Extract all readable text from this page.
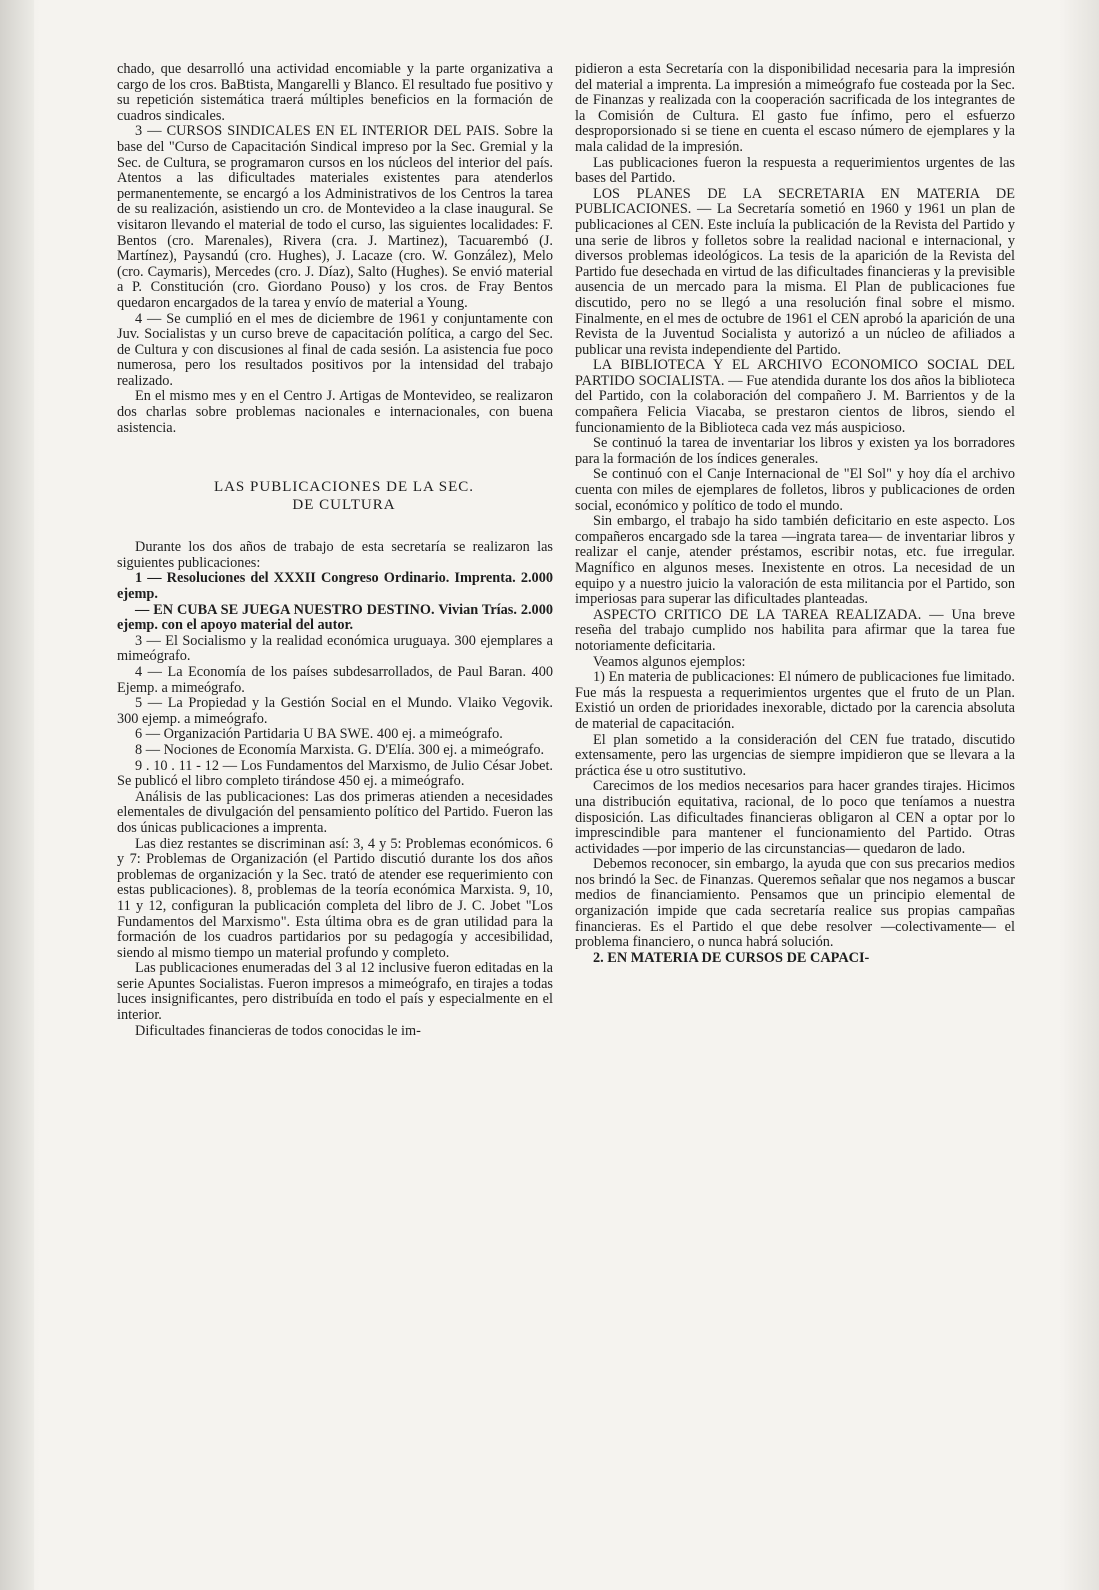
chado, que desarrolló una actividad encomiable y la parte organizativa a cargo de los cros. BaBtista, Mangarelli y Blanco. El resultado fue positivo y su repetición sistemática traerá múltiples beneficios en la formación de cuadros sindicales.

3 — CURSOS SINDICALES EN EL INTERIOR DEL PAIS. Sobre la base del "Curso de Capacitación Sindical impreso por la Sec. Gremial y la Sec. de Cultura, se programaron cursos en los núcleos del interior del país. Atentos a las dificultades materiales existentes para atenderlos permanentemente, se encargó a los Administrativos de los Centros la tarea de su realización, asistiendo un cro. de Montevideo a la clase inaugural. Se visitaron llevando el material de todo el curso, las siguientes localidades: F. Bentos (cro. Marenales), Rivera (cra. J. Martinez), Tacuarembó (J. Martínez), Paysandú (cro. Hughes), J. Lacaze (cro. W. González), Melo (cro. Caymaris), Mercedes (cro. J. Díaz), Salto (Hughes). Se envió material a P. Constitución (cro. Giordano Pouso) y los cros. de Fray Bentos quedaron encargados de la tarea y envío de material a Young.

4 — Se cumplió en el mes de diciembre de 1961 y conjuntamente con Juv. Socialistas y un curso breve de capacitación política, a cargo del Sec. de Cultura y con discusiones al final de cada sesión. La asistencia fue poco numerosa, pero los resultados positivos por la intensidad del trabajo realizado.

En el mismo mes y en el Centro J. Artigas de Montevideo, se realizaron dos charlas sobre problemas nacionales e internacionales, con buena asistencia.

LAS PUBLICACIONES DE LA SEC.
DE CULTURA

Durante los dos años de trabajo de esta secretaría se realizaron las siguientes publicaciones:

1 — Resoluciones del XXXII Congreso Ordinario. Imprenta. 2.000 ejemp.

— EN CUBA SE JUEGA NUESTRO DESTINO. Vivian Trías. 2.000 ejemp. con el apoyo material del autor.

3 — El Socialismo y la realidad económica uruguaya. 300 ejemplares a mimeógrafo.

4 — La Economía de los países subdesarrollados, de Paul Baran. 400 Ejemp. a mimeógrafo.

5 — La Propiedad y la Gestión Social en el Mundo. Vlaiko Vegovik. 300 ejemp. a mimeógrafo.

6 — Organización Partidaria U BA SWE. 400 ej. a mimeógrafo.

8 — Nociones de Economía Marxista. G. D'Elía. 300 ej. a mimeógrafo.

9 . 10 . 11 - 12 — Los Fundamentos del Marxismo, de Julio César Jobet. Se publicó el libro completo tirándose 450 ej. a mimeógrafo.

Análisis de las publicaciones: Las dos primeras atienden a necesidades elementales de divulgación del pensamiento político del Partido. Fueron las dos únicas publicaciones a imprenta.

Las diez restantes se discriminan así: 3, 4 y 5: Problemas económicos. 6 y 7: Problemas de Organización (el Partido discutió durante los dos años problemas de organización y la Sec. trató de atender ese requerimiento con estas publicaciones). 8, problemas de la teoría económica Marxista. 9, 10, 11 y 12, configuran la publicación completa del libro de J. C. Jobet "Los Fundamentos del Marxismo". Esta última obra es de gran utilidad para la formación de los cuadros partidarios por su pedagogía y accesibilidad, siendo al mismo tiempo un material profundo y completo.

Las publicaciones enumeradas del 3 al 12 inclusive fueron editadas en la serie Apuntes Socialistas. Fueron impresos a mimeógrafo, en tirajes a todas luces insignificantes, pero distribuída en todo el país y especialmente en el interior.

Dificultades financieras de todos conocidas le im-

pidieron a esta Secretaría con la disponibilidad necesaria para la impresión del material a imprenta. La impresión a mimeógrafo fue costeada por la Sec. de Finanzas y realizada con la cooperación sacrificada de los integrantes de la Comisión de Cultura. El gasto fue ínfimo, pero el esfuerzo desproporsionado si se tiene en cuenta el escaso número de ejemplares y la mala calidad de la impresión.

Las publicaciones fueron la respuesta a requerimientos urgentes de las bases del Partido.

LOS PLANES DE LA SECRETARIA EN MATERIA DE PUBLICACIONES. — La Secretaría sometió en 1960 y 1961 un plan de publicaciones al CEN. Este incluía la publicación de la Revista del Partido y una serie de libros y folletos sobre la realidad nacional e internacional, y diversos problemas ideológicos. La tesis de la aparición de la Revista del Partido fue desechada en virtud de las dificultades financieras y la previsible ausencia de un mercado para la misma. El Plan de publicaciones fue discutido, pero no se llegó a una resolución final sobre el mismo. Finalmente, en el mes de octubre de 1961 el CEN aprobó la aparición de una Revista de la Juventud Socialista y autorizó a un núcleo de afiliados a publicar una revista independiente del Partido.

LA BIBLIOTECA Y EL ARCHIVO ECONOMICO SOCIAL DEL PARTIDO SOCIALISTA. — Fue atendida durante los dos años la biblioteca del Partido, con la colaboración del compañero J. M. Barrientos y de la compañera Felicia Viacaba, se prestaron cientos de libros, siendo el funcionamiento de la Biblioteca cada vez más auspicioso.

Se continuó la tarea de inventariar los libros y existen ya los borradores para la formación de los índices generales.

Se continuó con el Canje Internacional de "El Sol" y hoy día el archivo cuenta con miles de ejemplares de folletos, libros y publicaciones de orden social, económico y político de todo el mundo.

Sin embargo, el trabajo ha sido también deficitario en este aspecto. Los compañeros encargado sde la tarea —ingrata tarea— de inventariar libros y realizar el canje, atender préstamos, escribir notas, etc. fue irregular. Magnífico en algunos meses. Inexistente en otros. La necesidad de un equipo y a nuestro juicio la valoración de esta militancia por el Partido, son imperiosas para superar las dificultades planteadas.

ASPECTO CRITICO DE LA TAREA REALIZADA. — Una breve reseña del trabajo cumplido nos habilita para afirmar que la tarea fue notoriamente deficitaria.

Veamos algunos ejemplos:

1) En materia de publicaciones: El número de publicaciones fue limitado. Fue más la respuesta a requerimientos urgentes que el fruto de un Plan. Existió un orden de prioridades inexorable, dictado por la carencia absoluta de material de capacitación.

El plan sometido a la consideración del CEN fue tratado, discutido extensamente, pero las urgencias de siempre impidieron que se llevara a la práctica ése u otro sustitutivo.

Carecimos de los medios necesarios para hacer grandes tirajes. Hicimos una distribución equitativa, racional, de lo poco que teníamos a nuestra disposición. Las dificultades financieras obligaron al CEN a optar por lo imprescindible para mantener el funcionamiento del Partido. Otras actividades —por imperio de las circunstancias— quedaron de lado.

Debemos reconocer, sin embargo, la ayuda que con sus precarios medios nos brindó la Sec. de Finanzas. Queremos señalar que nos negamos a buscar medios de financiamiento. Pensamos que un principio elemental de organización impide que cada secretaría realice sus propias campañas financieras. Es el Partido el que debe resolver —colectivamente— el problema financiero, o nunca habrá solución.

2. EN MATERIA DE CURSOS DE CAPACI-
